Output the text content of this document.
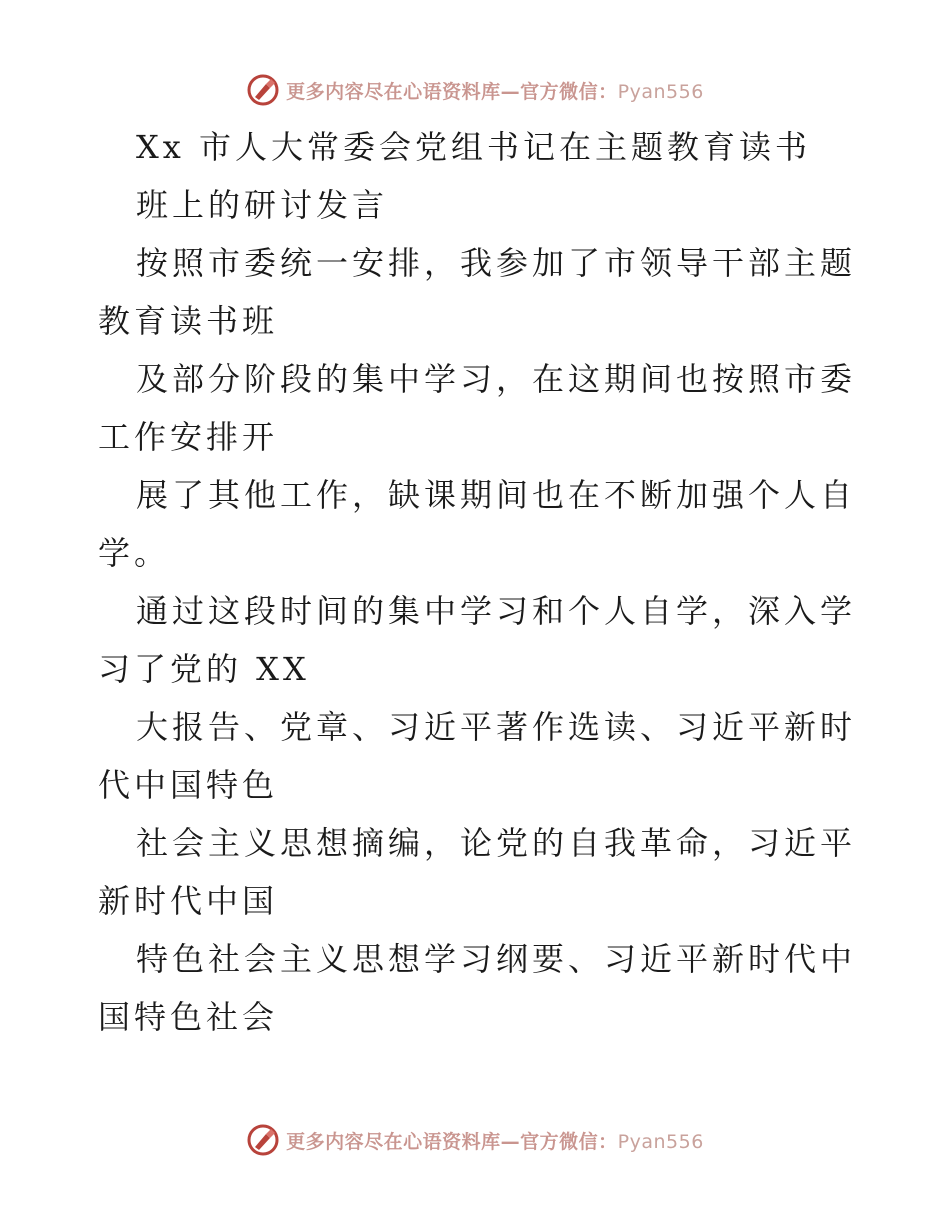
更多内容尽在心语资料库—官方微信：Pyan556

Xx 市人大常委会党组书记在主题教育读书

班上的研讨发言

按照市委统一安排，我参加了市领导干部主题教育读书班

及部分阶段的集中学习，在这期间也按照市委工作安排开

展了其他工作，缺课期间也在不断加强个人自学。

通过这段时间的集中学习和个人自学，深入学习了党的 XX

大报告、党章、习近平著作选读、习近平新时代中国特色

社会主义思想摘编，论党的自我革命，习近平新时代中国

特色社会主义思想学习纲要、习近平新时代中国特色社会

更多内容尽在心语资料库—官方微信：Pyan556
